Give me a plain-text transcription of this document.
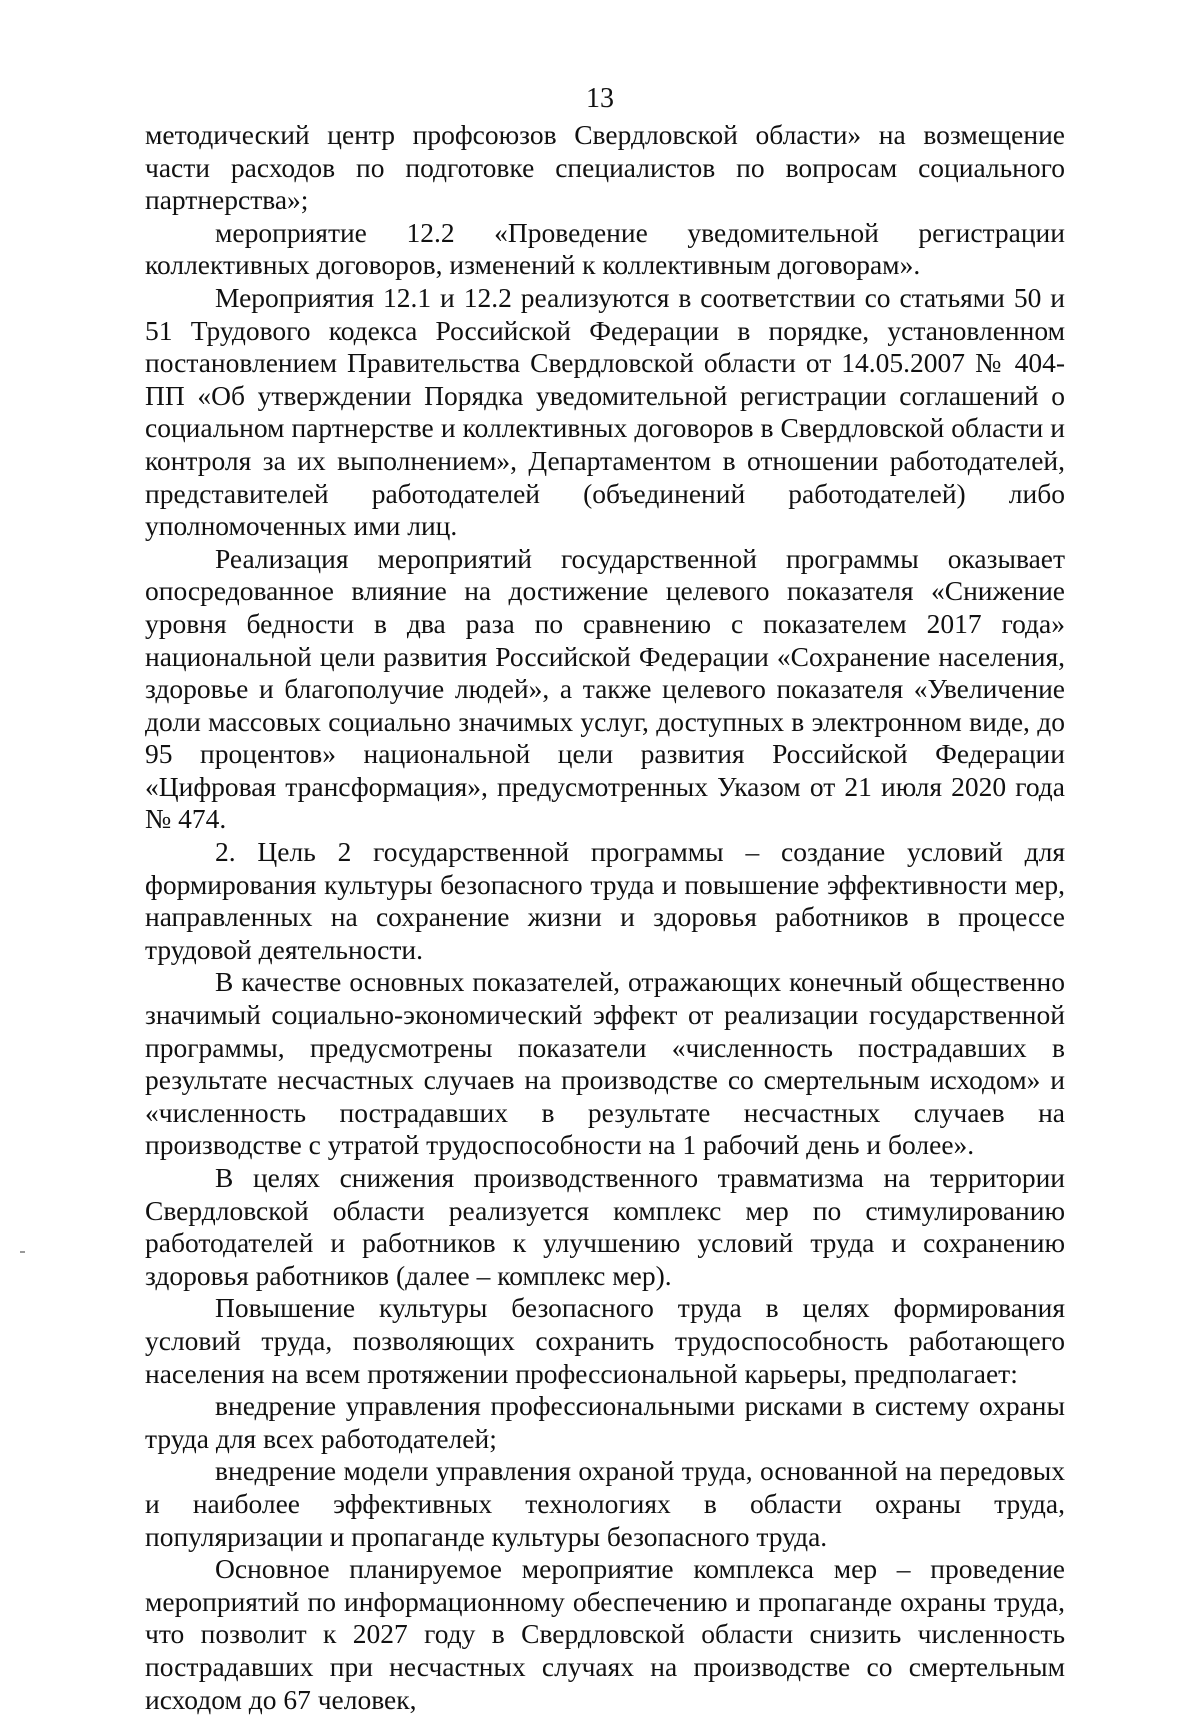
13

методический центр профсоюзов Свердловской области» на возмещение части расходов по подготовке специалистов по вопросам социального партнерства»;

мероприятие 12.2 «Проведение уведомительной регистрации коллективных договоров, изменений к коллективным договорам».

Мероприятия 12.1 и 12.2 реализуются в соответствии со статьями 50 и 51 Трудового кодекса Российской Федерации в порядке, установленном постановлением Правительства Свердловской области от 14.05.2007 № 404-ПП «Об утверждении Порядка уведомительной регистрации соглашений о социальном партнерстве и коллективных договоров в Свердловской области и контроля за их выполнением», Департаментом в отношении работодателей, представителей работодателей (объединений работодателей) либо уполномоченных ими лиц.

Реализация мероприятий государственной программы оказывает опосредованное влияние на достижение целевого показателя «Снижение уровня бедности в два раза по сравнению с показателем 2017 года» национальной цели развития Российской Федерации «Сохранение населения, здоровье и благополучие людей», а также целевого показателя «Увеличение доли массовых социально значимых услуг, доступных в электронном виде, до 95 процентов» национальной цели развития Российской Федерации «Цифровая трансформация», предусмотренных Указом от 21 июля 2020 года № 474.

2. Цель 2 государственной программы – создание условий для формирования культуры безопасного труда и повышение эффективности мер, направленных на сохранение жизни и здоровья работников в процессе трудовой деятельности.

В качестве основных показателей, отражающих конечный общественно значимый социально-экономический эффект от реализации государственной программы, предусмотрены показатели «численность пострадавших в результате несчастных случаев на производстве со смертельным исходом» и «численность пострадавших в результате несчастных случаев на производстве с утратой трудоспособности на 1 рабочий день и более».

В целях снижения производственного травматизма на территории Свердловской области реализуется комплекс мер по стимулированию работодателей и работников к улучшению условий труда и сохранению здоровья работников (далее – комплекс мер).

Повышение культуры безопасного труда в целях формирования условий труда, позволяющих сохранить трудоспособность работающего населения на всем протяжении профессиональной карьеры, предполагает:

внедрение управления профессиональными рисками в систему охраны труда для всех работодателей;

внедрение модели управления охраной труда, основанной на передовых и наиболее эффективных технологиях в области охраны труда, популяризации и пропаганде культуры безопасного труда.

Основное планируемое мероприятие комплекса мер – проведение мероприятий по информационному обеспечению и пропаганде охраны труда, что позволит к 2027 году в Свердловской области снизить численность пострадавших при несчастных случаях на производстве со смертельным исходом до 67 человек,
